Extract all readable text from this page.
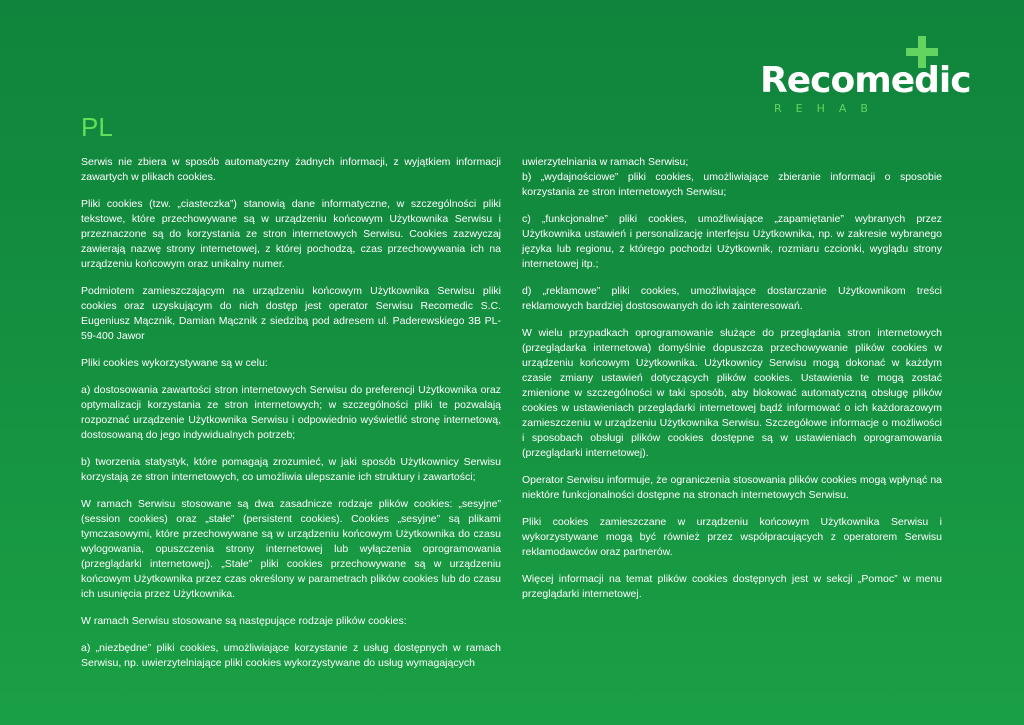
Recomedic
REHAB
PL

Serwis nie zbiera w sposób automatyczny żadnych informacji, z wyjątkiem informacji zawartych w plikach cookies.

Pliki cookies (tzw. „ciasteczka”) stanowią dane informatyczne, w szczególności pliki tekstowe, które przechowywane są w urządzeniu końcowym Użytkownika Serwisu i przeznaczone są do korzystania ze stron internetowych Serwisu. Cookies zazwyczaj zawierają nazwę strony internetowej, z której pochodzą, czas przechowywania ich na urządzeniu końcowym oraz unikalny numer.

Podmiotem zamieszczającym na urządzeniu końcowym Użytkownika Serwisu pliki cookies oraz uzyskującym do nich dostęp jest operator Serwisu Recomedic S.C. Eugeniusz Mącznik, Damian Mącznik z siedzibą pod adresem ul. Paderewskiego 3B PL-59-400 Jawor

Pliki cookies wykorzystywane są w celu:

a) dostosowania zawartości stron internetowych Serwisu do preferencji Użytkownika oraz optymalizacji korzystania ze stron internetowych; w szczególności pliki te pozwalają rozpoznać urządzenie Użytkownika Serwisu i odpowiednio wyświetlić stronę internetową, dostosowaną do jego indywidualnych potrzeb;

b) tworzenia statystyk, które pomagają zrozumieć, w jaki sposób Użytkownicy Serwisu korzystają ze stron internetowych, co umożliwia ulepszanie ich struktury i zawartości;

W ramach Serwisu stosowane są dwa zasadnicze rodzaje plików cookies: „sesyjne” (session cookies) oraz „stałe” (persistent cookies). Cookies „sesyjne” są plikami tymczasowymi, które przechowywane są w urządzeniu końcowym Użytkownika do czasu wylogowania, opuszczenia strony internetowej lub wyłączenia oprogramowania (przeglądarki internetowej). „Stałe” pliki cookies przechowywane są w urządzeniu końcowym Użytkownika przez czas określony w parametrach plików cookies lub do czasu ich usunięcia przez Użytkownika.

W ramach Serwisu stosowane są następujące rodzaje plików cookies:

a) „niezbędne” pliki cookies, umożliwiające korzystanie z usług dostępnych w ramach Serwisu, np. uwierzytelniające pliki cookies wykorzystywane do usług wymagających

uwierzytelniania w ramach Serwisu;
b) „wydajnościowe” pliki cookies, umożliwiające zbieranie informacji o sposobie korzystania ze stron internetowych Serwisu;

c) „funkcjonalne” pliki cookies, umożliwiające „zapamiętanie” wybranych przez Użytkownika ustawień i personalizację interfejsu Użytkownika, np. w zakresie wybranego języka lub regionu, z którego pochodzi Użytkownik, rozmiaru czcionki, wyglądu strony internetowej itp.;

d) „reklamowe” pliki cookies, umożliwiające dostarczanie Użytkownikom treści reklamowych bardziej dostosowanych do ich zainteresowań.

W wielu przypadkach oprogramowanie służące do przeglądania stron internetowych (przeglądarka internetowa) domyślnie dopuszcza przechowywanie plików cookies w urządzeniu końcowym Użytkownika. Użytkownicy Serwisu mogą dokonać w każdym czasie zmiany ustawień dotyczących plików cookies. Ustawienia te mogą zostać zmienione w szczególności w taki sposób, aby blokować automatyczną obsługę plików cookies w ustawieniach przeglądarki internetowej bądź informować o ich każdorazowym zamieszczeniu w urządzeniu Użytkownika Serwisu. Szczegółowe informacje o możliwości i sposobach obsługi plików cookies dostępne są w ustawieniach oprogramowania (przeglądarki internetowej).

Operator Serwisu informuje, że ograniczenia stosowania plików cookies mogą wpłynąć na niektóre funkcjonalności dostępne na stronach internetowych Serwisu.

Pliki cookies zamieszczane w urządzeniu końcowym Użytkownika Serwisu i wykorzystywane mogą być również przez współpracujących z operatorem Serwisu reklamodawców oraz partnerów.

Więcej informacji na temat plików cookies dostępnych jest w sekcji „Pomoc” w menu przeglądarki internetowej.
